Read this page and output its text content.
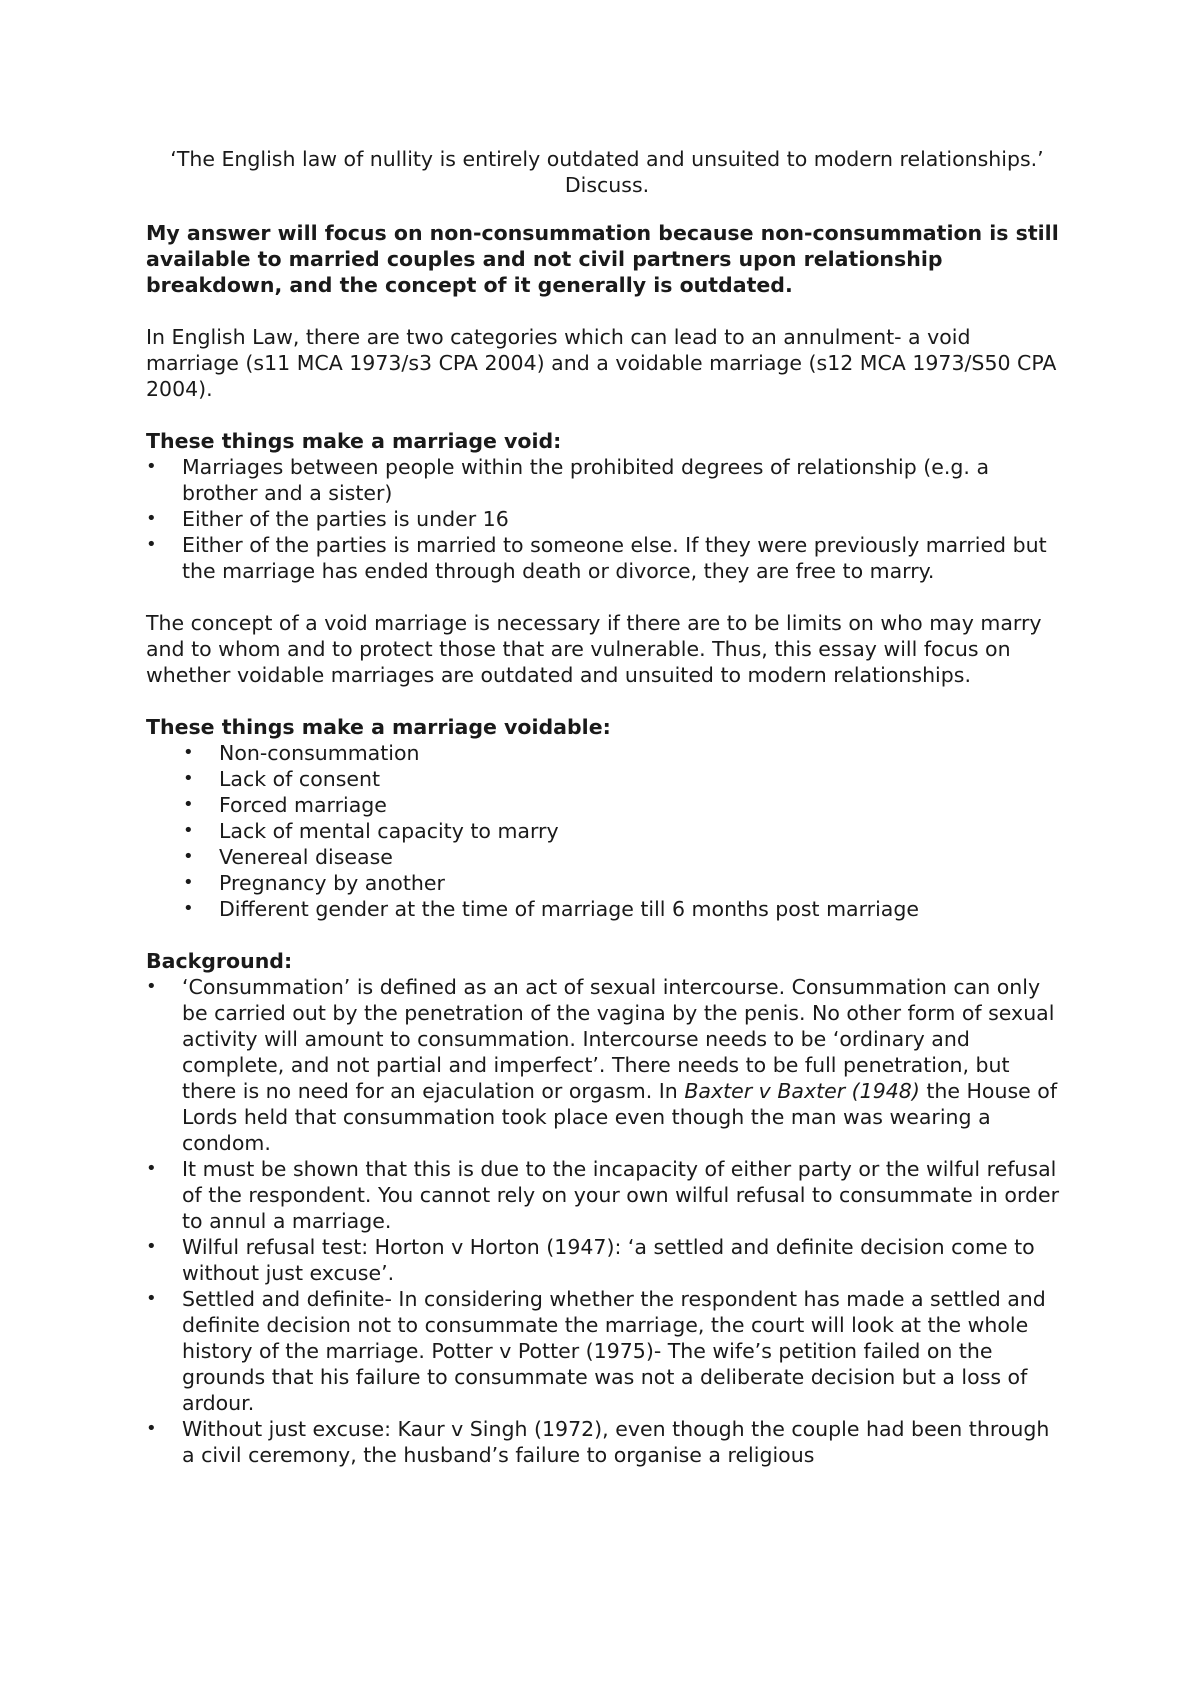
‘The English law of nullity is entirely outdated and unsuited to modern relationships.’ Discuss.
My answer will focus on non-consummation because non-consummation is still available to married couples and not civil partners upon relationship breakdown, and the concept of it generally is outdated.

In English Law, there are two categories which can lead to an annulment- a void marriage (s11 MCA 1973/s3 CPA 2004) and a voidable marriage (s12 MCA 1973/S50 CPA 2004).

These things make a marriage void:
• Marriages between people within the prohibited degrees of relationship (e.g. a brother and a sister)
• Either of the parties is under 16
• Either of the parties is married to someone else. If they were previously married but the marriage has ended through death or divorce, they are free to marry.

The concept of a void marriage is necessary if there are to be limits on who may marry and to whom and to protect those that are vulnerable. Thus, this essay will focus on whether voidable marriages are outdated and unsuited to modern relationships.

These things make a marriage voidable:
• Non-consummation
• Lack of consent
• Forced marriage
• Lack of mental capacity to marry
• Venereal disease
• Pregnancy by another
• Different gender at the time of marriage till 6 months post marriage
Background:
• ‘Consummation’ is defined as an act of sexual intercourse. Consummation can only be carried out by the penetration of the vagina by the penis. No other form of sexual activity will amount to consummation. Intercourse needs to be ‘ordinary and complete, and not partial and imperfect’. There needs to be full penetration, but there is no need for an ejaculation or orgasm. In Baxter v Baxter (1948) the House of Lords held that consummation took place even though the man was wearing a condom.
• It must be shown that this is due to the incapacity of either party or the wilful refusal of the respondent. You cannot rely on your own wilful refusal to consummate in order to annul a marriage.
• Wilful refusal test: Horton v Horton (1947): ‘a settled and definite decision come to without just excuse’.
• Settled and definite- In considering whether the respondent has made a settled and definite decision not to consummate the marriage, the court will look at the whole history of the marriage. Potter v Potter (1975)- The wife’s petition failed on the grounds that his failure to consummate was not a deliberate decision but a loss of ardour.
• Without just excuse: Kaur v Singh (1972), even though the couple had been through a civil ceremony, the husband’s failure to organise a religious
